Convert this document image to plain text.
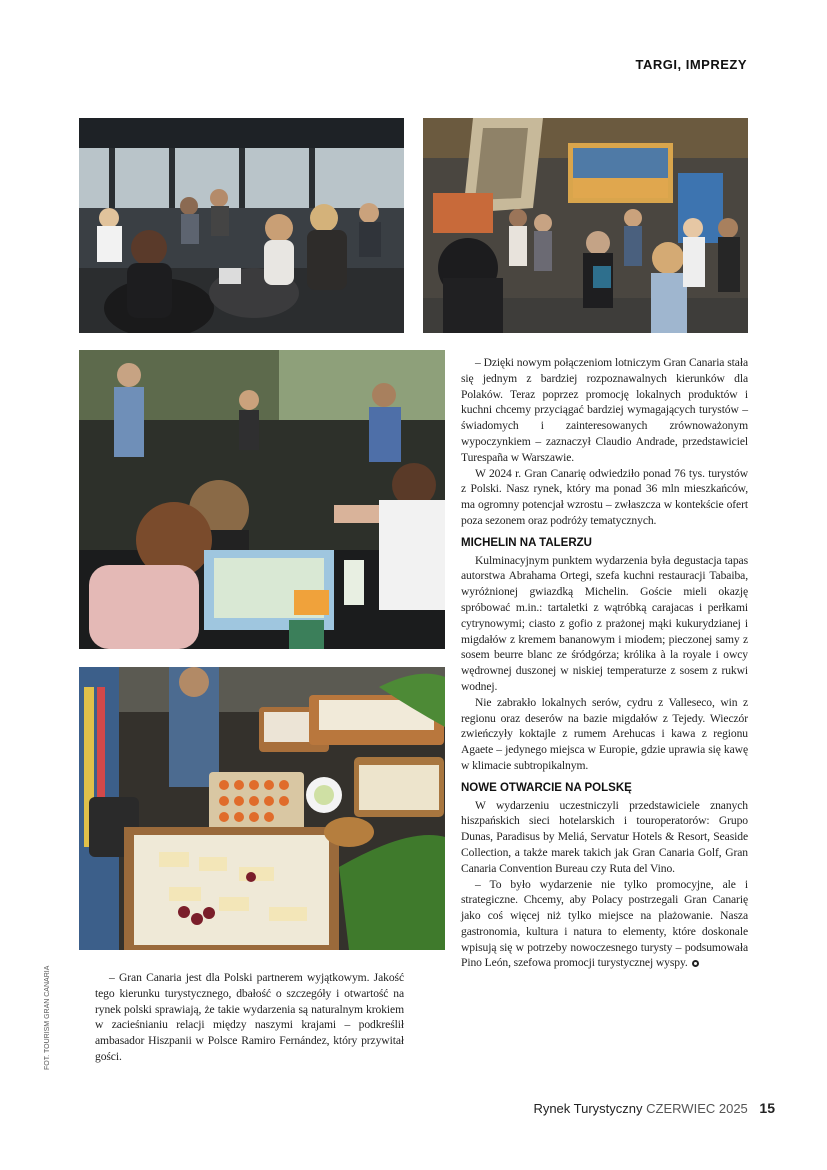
TARGI, IMPREZY
FOT. TOURISM GRAN CANARIA

– Dzięki nowym połączeniom lotniczym Gran Canaria stała się jednym z bardziej rozpoznawalnych kierunków dla Polaków. Teraz poprzez promocję lokalnych produktów i kuchni chcemy przyciągać bardziej wymagających turystów – świadomych i zainteresowanych zrównoważonym wypoczynkiem – zaznaczył Claudio Andrade, przedstawiciel Turespaña w Warszawie.

W 2024 r. Gran Canarię odwiedziło ponad 76 tys. turystów z Polski. Nasz rynek, który ma ponad 36 mln mieszkańców, ma ogromny potencjał wzrostu – zwłaszcza w kontekście ofert poza sezonem oraz podróży tematycznych.

MICHELIN NA TALERZU

Kulminacyjnym punktem wydarzenia była degustacja tapas autorstwa Abrahama Ortegi, szefa kuchni restauracji Tabaiba, wyróżnionej gwiazdką Michelin. Goście mieli okazję spróbować m.in.: tartaletki z wątróbką carajacas i perłkami cytrynowymi; ciasto z gofio z prażonej mąki kukurydzianej i migdałów z kremem bananowym i miodem; pieczonej samy z sosem beurre blanc ze śródgórza; królika à la royale i owcy wędrownej duszonej w niskiej temperaturze z sosem z rukwi wodnej.

Nie zabrakło lokalnych serów, cydru z Valleseco, win z regionu oraz deserów na bazie migdałów z Tejedy. Wieczór zwieńczyły koktajle z rumem Arehucas i kawa z regionu Agaete – jedynego miejsca w Europie, gdzie uprawia się kawę w klimacie subtropikalnym.

NOWE OTWARCIE NA POLSKĘ

W wydarzeniu uczestniczyli przedstawiciele znanych hiszpańskich sieci hotelarskich i touroperatorów: Grupo Dunas, Paradisus by Meliá, Servatur Hotels & Resort, Seaside Collection, a także marek takich jak Gran Canaria Golf, Gran Canaria Convention Bureau czy Ruta del Vino.

– To było wydarzenie nie tylko promocyjne, ale i strategiczne. Chcemy, aby Polacy postrzegali Gran Canarię jako coś więcej niż tylko miejsce na plażowanie. Nasza gastronomia, kultura i natura to elementy, które doskonale wpisują się w potrzeby nowoczesnego turysty – podsumowała Pino León, szefowa promocji turystycznej wyspy.

– Gran Canaria jest dla Polski partnerem wyjątkowym. Jakość tego kierunku turystycznego, dbałość o szczegóły i otwartość na rynek polski sprawiają, że takie wydarzenia są naturalnym krokiem w zacieśnianiu relacji między naszymi krajami – podkreślił ambasador Hiszpanii w Polsce Ramiro Fernández, który przywitał gości.

Rynek Turystyczny CZERWIEC 2025 15
